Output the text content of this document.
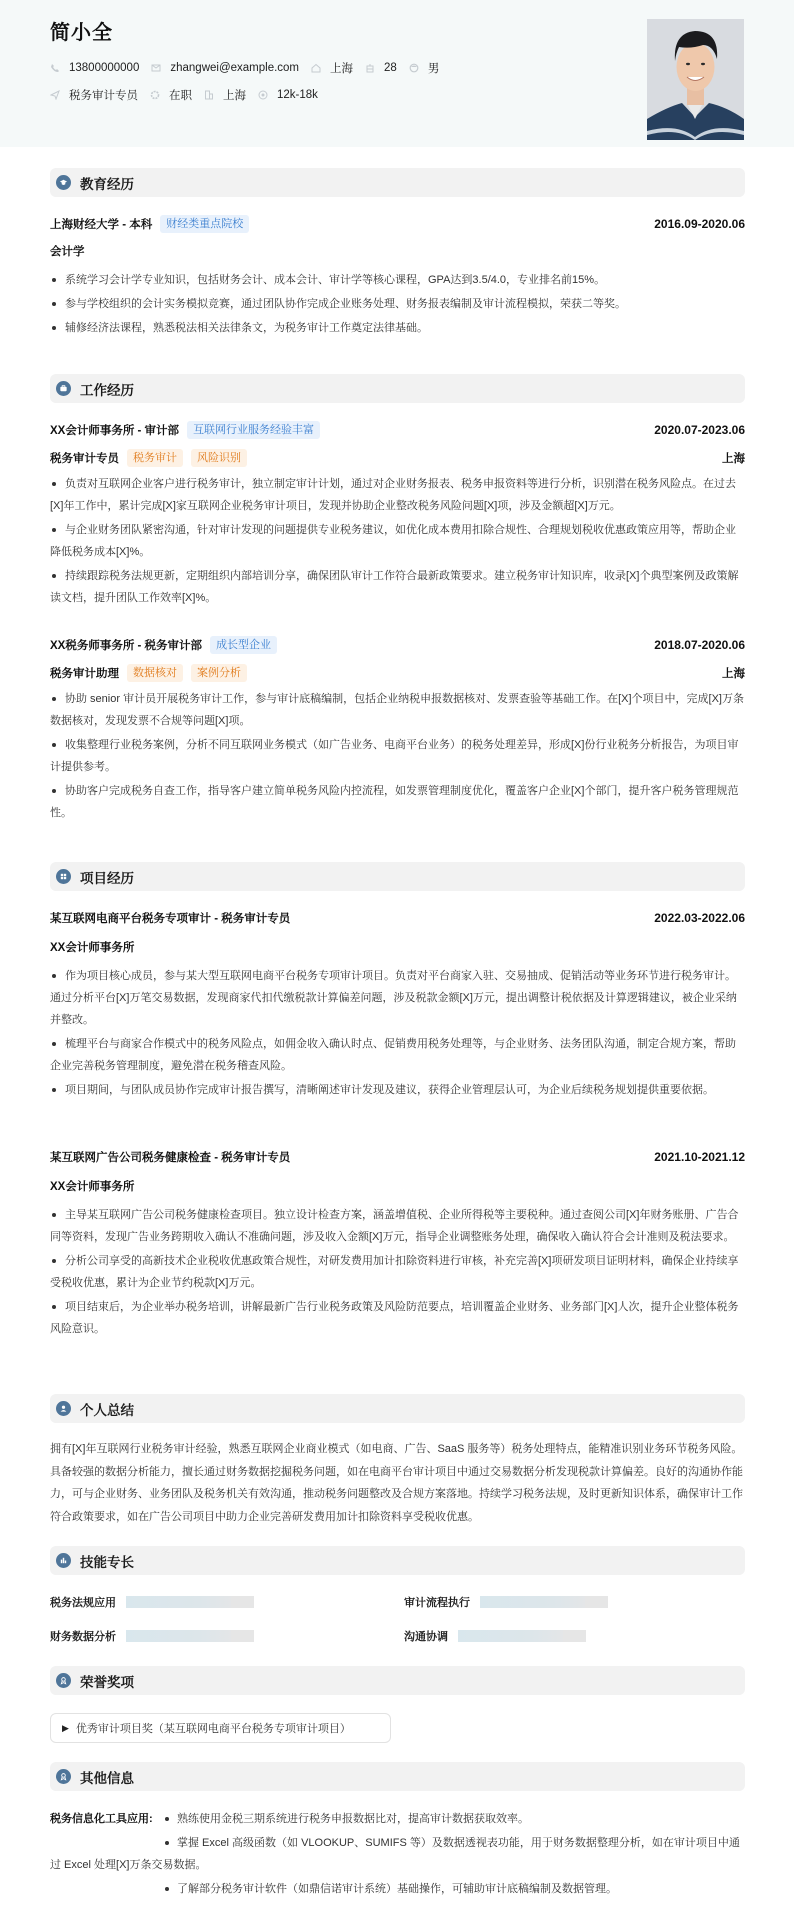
简小全
13800000000	zhangwei@example.com	上海	28	男
税务审计专员	在职	上海	12k-18k
教育经历
上海财经大学 - 本科	财经类重点院校	2016.09-2020.06
会计学
系统学习会计学专业知识，包括财务会计、成本会计、审计学等核心课程，GPA达到3.5/4.0，专业排名前15%。
参与学校组织的会计实务模拟竞赛，通过团队协作完成企业账务处理、财务报表编制及审计流程模拟，荣获二等奖。
辅修经济法课程，熟悉税法相关法律条文，为税务审计工作奠定法律基础。
工作经历
XX会计师事务所 - 审计部	互联网行业服务经验丰富	2020.07-2023.06
税务审计专员	税务审计	风险识别	上海
负责对互联网企业客户进行税务审计，独立制定审计计划，通过对企业财务报表、税务申报资料等进行分析，识别潜在税务风险点。在过去[X]年工作中，累计完成[X]家互联网企业税务审计项目，发现并协助企业整改税务风险问题[X]项，涉及金额超[X]万元。
与企业财务团队紧密沟通，针对审计发现的问题提供专业税务建议，如优化成本费用扣除合规性、合理规划税收优惠政策应用等，帮助企业降低税务成本[X]%。
持续跟踪税务法规更新，定期组织内部培训分享，确保团队审计工作符合最新政策要求。建立税务审计知识库，收录[X]个典型案例及政策解读文档，提升团队工作效率[X]%。
XX税务师事务所 - 税务审计部	成长型企业	2018.07-2020.06
税务审计助理	数据核对	案例分析	上海
协助 senior 审计员开展税务审计工作，参与审计底稿编制，包括企业纳税申报数据核对、发票查验等基础工作。在[X]个项目中，完成[X]万条数据核对，发现发票不合规等问题[X]项。
收集整理行业税务案例，分析不同互联网业务模式（如广告业务、电商平台业务）的税务处理差异，形成[X]份行业税务分析报告，为项目审计提供参考。
协助客户完成税务自查工作，指导客户建立简单税务风险内控流程，如发票管理制度优化，覆盖客户企业[X]个部门，提升客户税务管理规范性。
项目经历
某互联网电商平台税务专项审计 - 税务审计专员	2022.03-2022.06
XX会计师事务所
作为项目核心成员，参与某大型互联网电商平台税务专项审计项目。负责对平台商家入驻、交易抽成、促销活动等业务环节进行税务审计。通过分析平台[X]万笔交易数据，发现商家代扣代缴税款计算偏差问题，涉及税款金额[X]万元，提出调整计税依据及计算逻辑建议，被企业采纳并整改。
梳理平台与商家合作模式中的税务风险点，如佣金收入确认时点、促销费用税务处理等，与企业财务、法务团队沟通，制定合规方案，帮助企业完善税务管理制度，避免潜在税务稽查风险。
项目期间，与团队成员协作完成审计报告撰写，清晰阐述审计发现及建议，获得企业管理层认可，为企业后续税务规划提供重要依据。
某互联网广告公司税务健康检查 - 税务审计专员	2021.10-2021.12
XX会计师事务所
主导某互联网广告公司税务健康检查项目。独立设计检查方案，涵盖增值税、企业所得税等主要税种。通过查阅公司[X]年财务账册、广告合同等资料，发现广告业务跨期收入确认不准确问题，涉及收入金额[X]万元，指导企业调整账务处理，确保收入确认符合会计准则及税法要求。
分析公司享受的高新技术企业税收优惠政策合规性，对研发费用加计扣除资料进行审核，补充完善[X]项研发项目证明材料，确保企业持续享受税收优惠，累计为企业节约税款[X]万元。
项目结束后，为企业举办税务培训，讲解最新广告行业税务政策及风险防范要点，培训覆盖企业财务、业务部门[X]人次，提升企业整体税务风险意识。
个人总结
拥有[X]年互联网行业税务审计经验，熟悉互联网企业商业模式（如电商、广告、SaaS 服务等）税务处理特点，能精准识别业务环节税务风险。 具备较强的数据分析能力，擅长通过财务数据挖掘税务问题，如在电商平台审计项目中通过交易数据分析发现税款计算偏差。良好的沟通协作能力，可与企业财务、业务团队及税务机关有效沟通，推动税务问题整改及合规方案落地。持续学习税务法规，及时更新知识体系，确保审计工作符合政策要求，如在广告公司项目中助力企业完善研发费用加计扣除资料享受税收优惠。
技能专长
税务法规应用	审计流程执行
财务数据分析	沟通协调
荣誉奖项
▶ 优秀审计项目奖（某互联网电商平台税务专项审计项目）
其他信息
税务信息化工具应用:	熟练使用金税三期系统进行税务申报数据比对，提高审计数据获取效率。
掌握 Excel 高级函数（如 VLOOKUP、SUMIFS 等）及数据透视表功能，用于财务数据整理分析，如在审计项目中通过 Excel 处理[X]万条交易数据。
了解部分税务审计软件（如鼎信诺审计系统）基础操作，可辅助审计底稿编制及数据管理。
